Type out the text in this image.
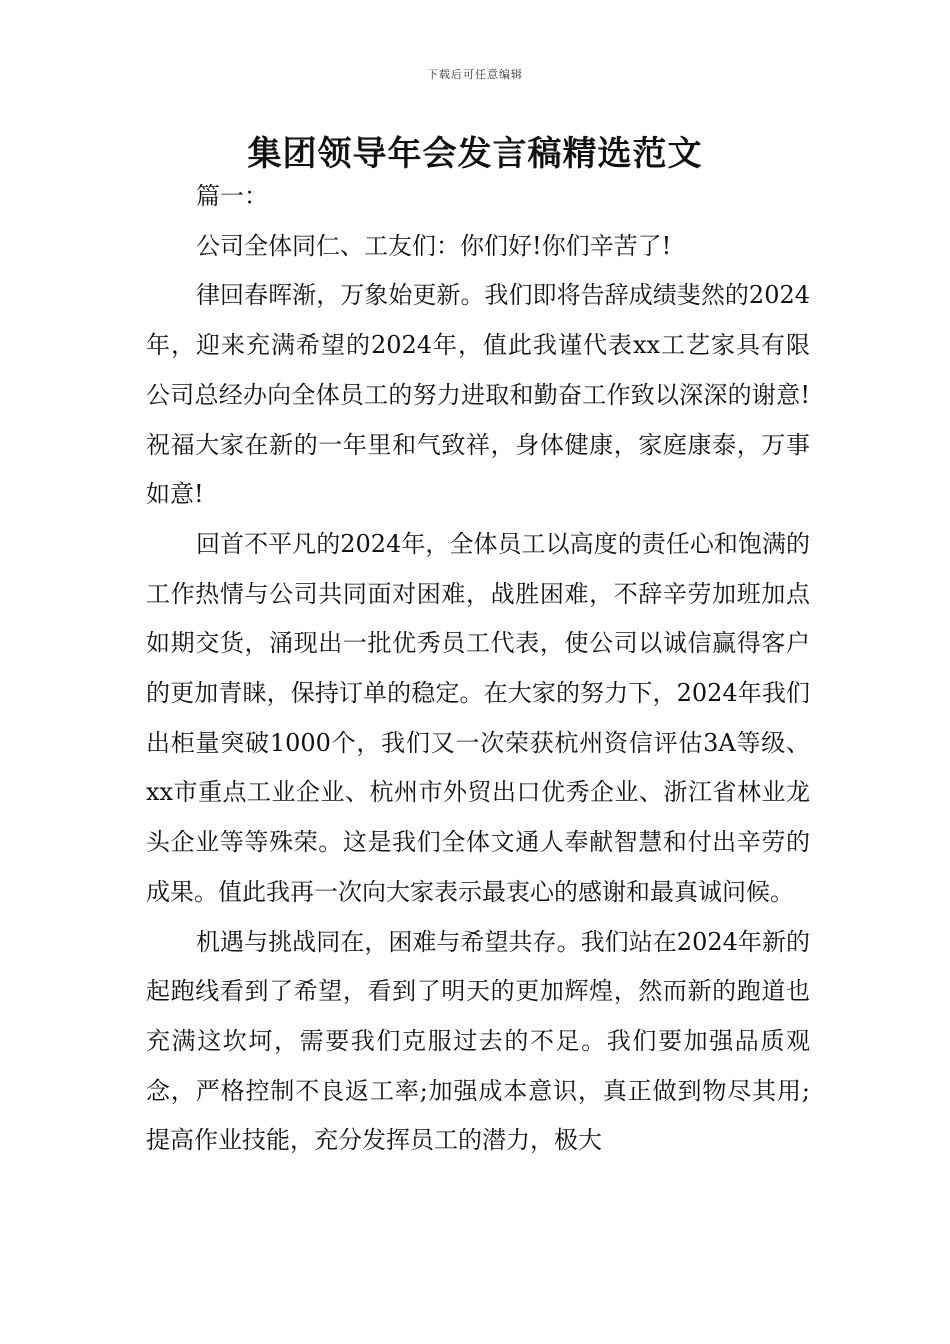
下载后可任意编辑
集团领导年会发言稿精选范文

篇一：

公司全体同仁、工友们：你们好!你们辛苦了!

律回春晖渐，万象始更新。我们即将告辞成绩斐然的2024年，迎来充满希望的2024年，值此我谨代表xx工艺家具有限公司总经办向全体员工的努力进取和勤奋工作致以深深的谢意!祝福大家在新的一年里和气致祥，身体健康，家庭康泰，万事如意!

回首不平凡的2024年，全体员工以高度的责任心和饱满的工作热情与公司共同面对困难，战胜困难，不辞辛劳加班加点如期交货，涌现出一批优秀员工代表，使公司以诚信赢得客户的更加青睐，保持订单的稳定。在大家的努力下，2024年我们出柜量突破1000个，我们又一次荣获杭州资信评估3A等级、xx市重点工业企业、杭州市外贸出口优秀企业、浙江省林业龙头企业等等殊荣。这是我们全体文通人奉献智慧和付出辛劳的成果。值此我再一次向大家表示最衷心的感谢和最真诚问候。

机遇与挑战同在，困难与希望共存。我们站在2024年新的起跑线看到了希望，看到了明天的更加辉煌，然而新的跑道也充满这坎坷，需要我们克服过去的不足。我们要加强品质观念，严格控制不良返工率;加强成本意识，真正做到物尽其用;提高作业技能，充分发挥员工的潜力，极大
